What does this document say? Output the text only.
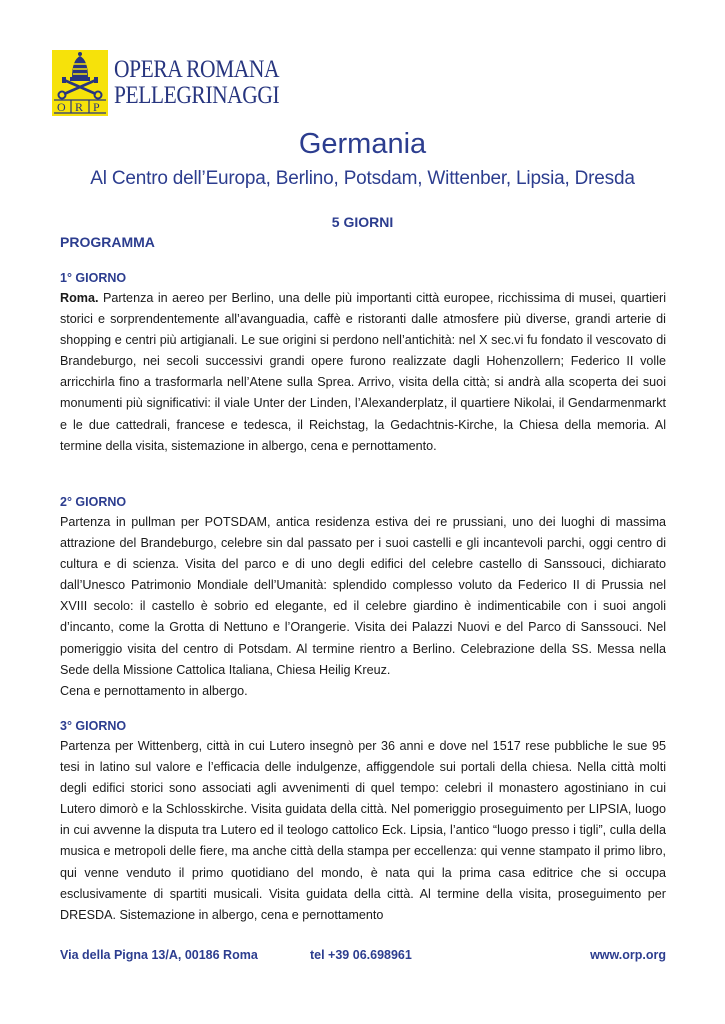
O R P
OPERA ROMANA
PELLEGRINAGGI
Germania
Al Centro dell’Europa, Berlino, Potsdam, Wittenber, Lipsia, Dresda
5 GIORNI
PROGRAMMA
1° GIORNO

Roma. Partenza in aereo per Berlino, una delle più importanti città europee, ricchissima di musei, quartieri storici e sorprendentemente all’avanguadia, caffè e ristoranti dalle atmosfere più diverse, grandi arterie di shopping e centri più artigianali. Le sue origini si perdono nell’antichità: nel X sec.vi fu fondato il vescovato di Brandeburgo, nei secoli successivi grandi opere furono realizzate dagli Hohenzollern; Federico II volle arricchirla fino a trasformarla nell’Atene sulla Sprea. Arrivo, visita della città; si andrà alla scoperta dei suoi monumenti più significativi: il viale Unter der Linden, l’Alexanderplatz, il quartiere Nikolai, il Gendarmenmarkt e le due cattedrali, francese e tedesca, il Reichstag, la Gedachtnis-Kirche, la Chiesa della memoria. Al termine della visita, sistemazione in albergo, cena e pernottamento.

2° GIORNO

Partenza in pullman per POTSDAM, antica residenza estiva dei re prussiani, uno dei luoghi di massima attrazione del Brandeburgo, celebre sin dal passato per i suoi castelli e gli incantevoli parchi, oggi centro di cultura e di scienza. Visita del parco e di uno degli edifici del celebre castello di Sanssouci, dichiarato dall’Unesco Patrimonio Mondiale dell’Umanità: splendido complesso voluto da Federico II di Prussia nel XVIII secolo: il castello è sobrio ed elegante, ed il celebre giardino è indimenticabile con i suoi angoli d’incanto, come la Grotta di Nettuno e l’Orangerie. Visita dei Palazzi Nuovi e del Parco di Sanssouci. Nel pomeriggio visita del centro di Potsdam. Al termine rientro a Berlino. Celebrazione della SS. Messa nella Sede della Missione Cattolica Italiana, Chiesa Heilig Kreuz.

Cena e pernottamento in albergo.

3° GIORNO

Partenza per Wittenberg, città in cui Lutero insegnò per 36 anni e dove nel 1517 rese pubbliche le sue 95 tesi in latino sul valore e l’efficacia delle indulgenze, affiggendole sui portali della chiesa. Nella città molti degli edifici storici sono associati agli avvenimenti di quel tempo: celebri il monastero agostiniano in cui Lutero dimorò e la Schlosskirche. Visita guidata della città. Nel pomeriggio proseguimento per LIPSIA, luogo in cui avvenne la disputa tra Lutero ed il teologo cattolico Eck. Lipsia, l’antico “luogo presso i tigli”, culla della musica e metropoli delle fiere, ma anche città della stampa per eccellenza: qui venne stampato il primo libro, qui venne venduto il primo quotidiano del mondo, è nata qui la prima casa editrice che si occupa esclusivamente di spartiti musicali. Visita guidata della città. Al termine della visita, proseguimento per DRESDA. Sistemazione in albergo, cena e pernottamento

Via della Pigna 13/A, 00186 Roma	tel +39 06.698961	www.orp.org
